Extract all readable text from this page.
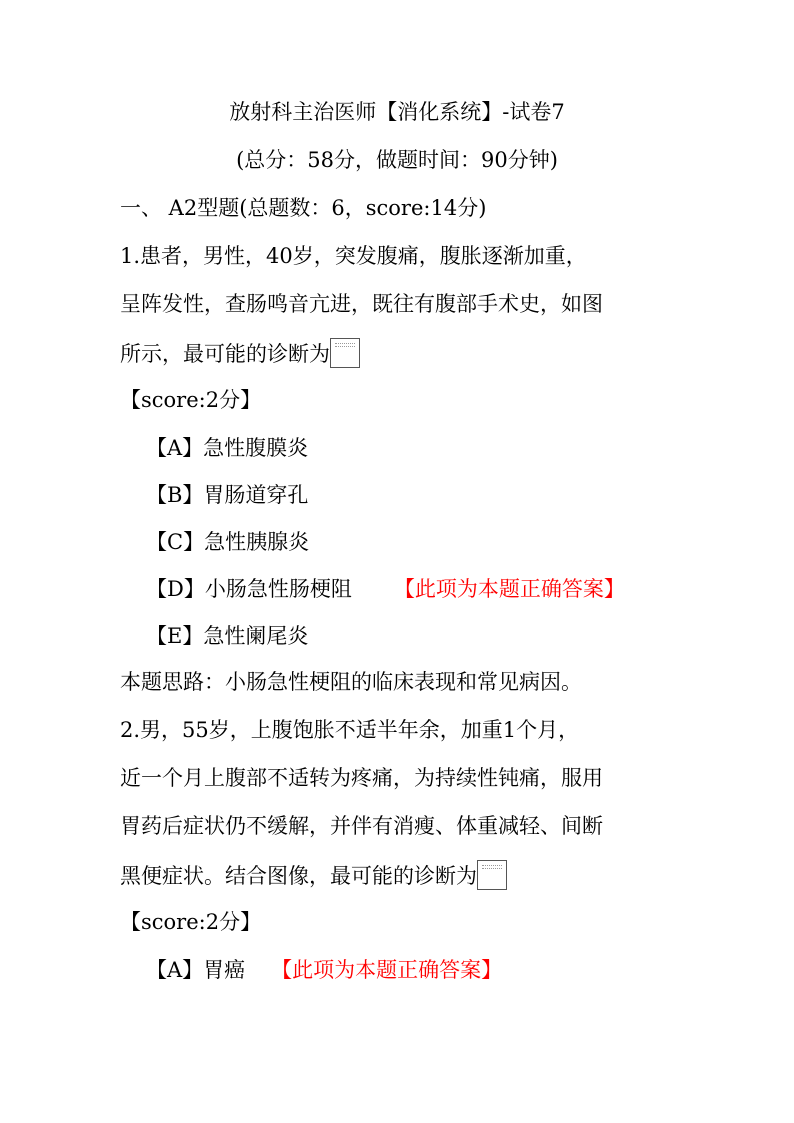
放射科主治医师【消化系统】-试卷7
(总分：58分，做题时间：90分钟)
一、 A2型题(总题数：6，score:14分)
1.患者，男性，40岁，突发腹痛，腹胀逐渐加重，
呈阵发性，查肠鸣音亢进，既往有腹部手术史，如图
所示，最可能的诊断为
【score:2分】
【A】急性腹膜炎
【B】胃肠道穿孔
【C】急性胰腺炎
【D】小肠急性肠梗阻 【此项为本题正确答案】
【E】急性阑尾炎
本题思路：小肠急性梗阻的临床表现和常见病因。
2.男，55岁，上腹饱胀不适半年余，加重1个月，
近一个月上腹部不适转为疼痛，为持续性钝痛，服用
胃药后症状仍不缓解，并伴有消瘦、体重减轻、间断
黑便症状。结合图像，最可能的诊断为
【score:2分】
【A】胃癌 【此项为本题正确答案】
